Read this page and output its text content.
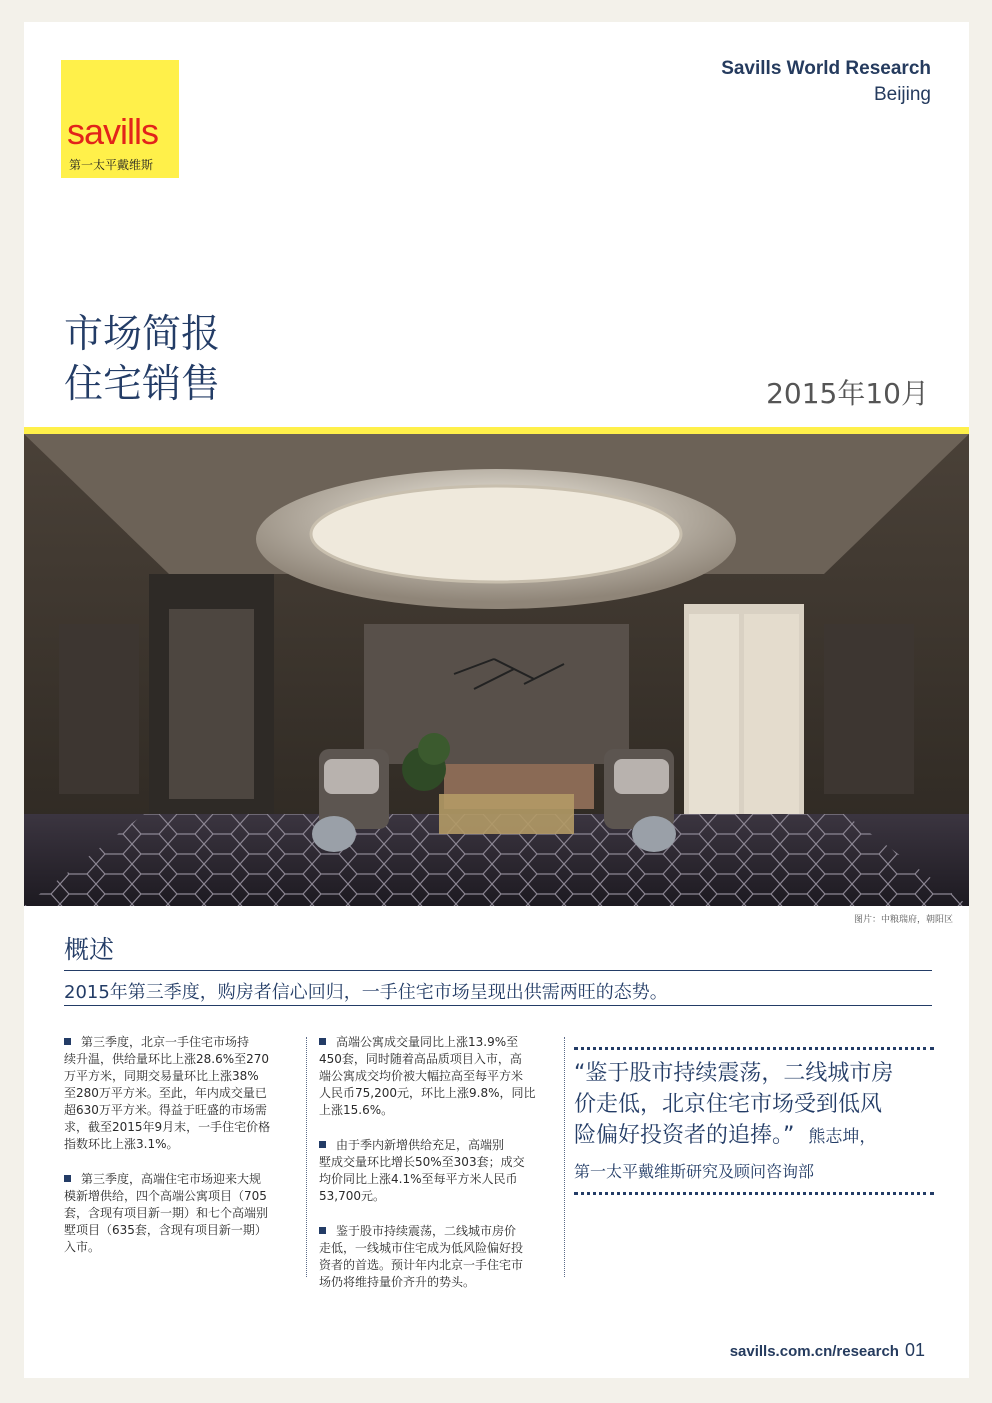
savills
第一太平戴维斯
Savills World Research
Beijing
市场简报
住宅销售	2015年10月
图片：中粮瑞府，朝阳区
概述
2015年第三季度，购房者信心回归，一手住宅市场呈现出供需两旺的态势。

第三季度，北京一手住宅市场持
续升温，供给量环比上涨28.6%至270
万平方米，同期交易量环比上涨38%
至280万平方米。至此，年内成交量已
超630万平方米。得益于旺盛的市场需
求，截至2015年9月末，一手住宅价格
指数环比上涨3.1%。

第三季度，高端住宅市场迎来大规
模新增供给，四个高端公寓项目（705
套，含现有项目新一期）和七个高端别
墅项目（635套，含现有项目新一期）
入市。

高端公寓成交量同比上涨13.9%至
450套，同时随着高品质项目入市，高
端公寓成交均价被大幅拉高至每平方米
人民币75,200元，环比上涨9.8%，同比
上涨15.6%。

由于季内新增供给充足，高端别
墅成交量环比增长50%至303套；成交
均价同比上涨4.1%至每平方米人民币
53,700元。

鉴于股市持续震荡，二线城市房价
走低，一线城市住宅成为低风险偏好投
资者的首选。预计年内北京一手住宅市
场仍将维持量价齐升的势头。

“鉴于股市持续震荡，二线城市房
价走低，北京住宅市场受到低风
险偏好投资者的追捧。” 熊志坤，
第一太平戴维斯研究及顾问咨询部
savills.com.cn/research 01
